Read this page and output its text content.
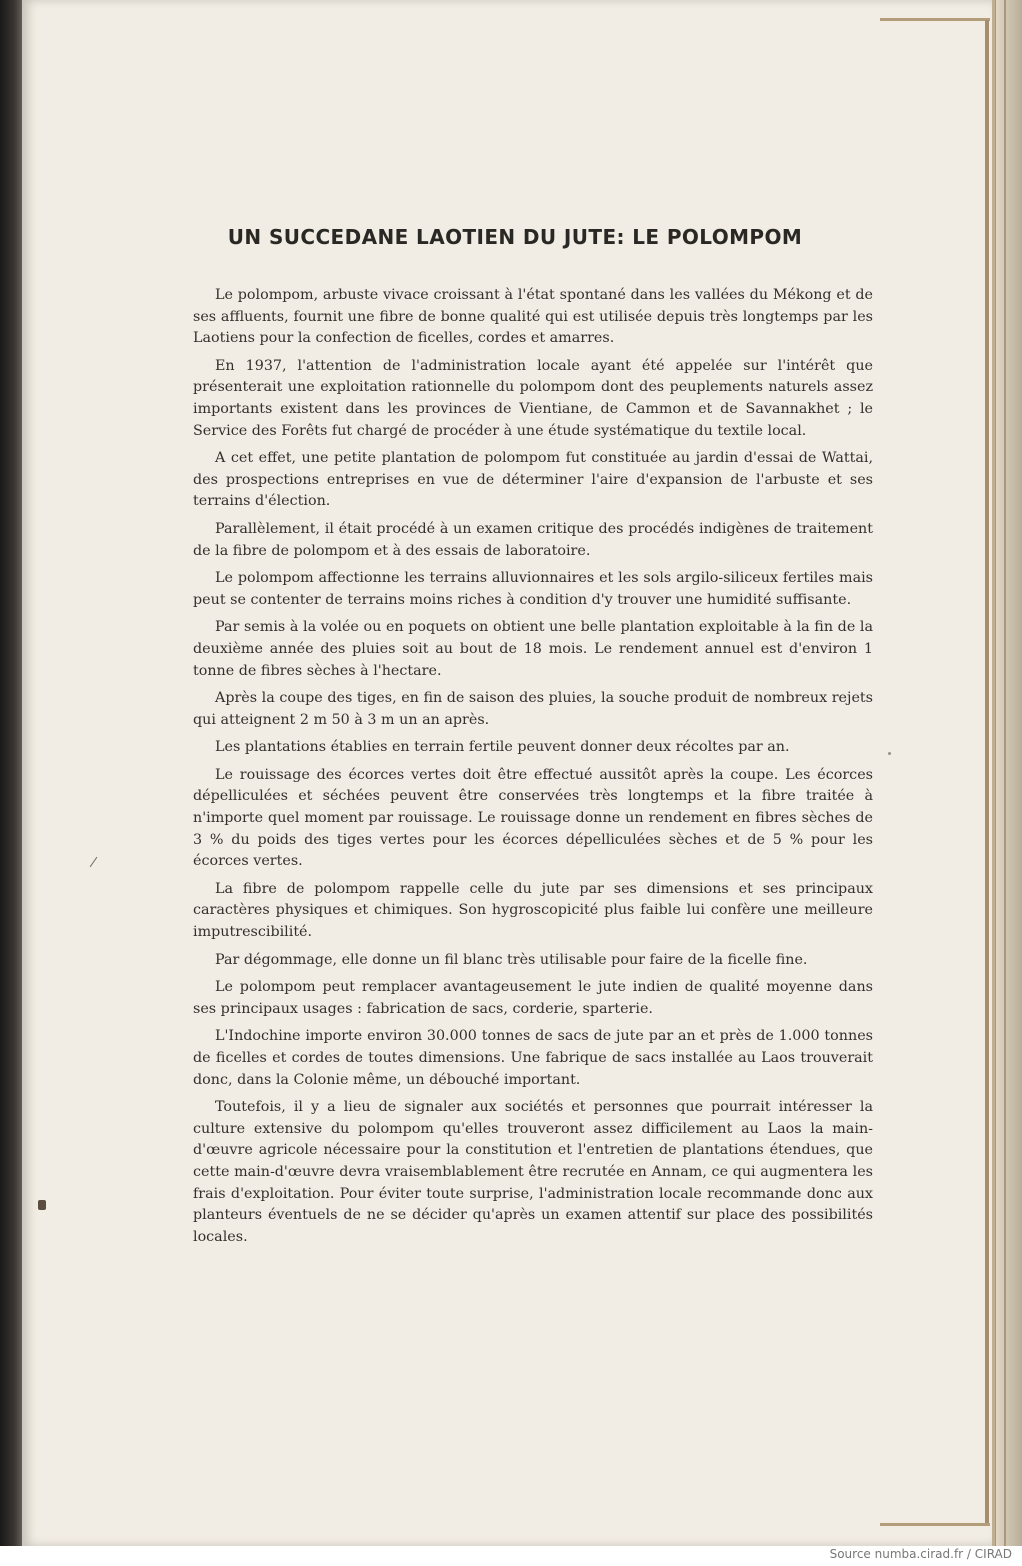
UN SUCCEDANE LAOTIEN DU JUTE: LE POLOMPOM

Le polompom, arbuste vivace croissant à l'état spontané dans les vallées du Mékong et de ses affluents, fournit une fibre de bonne qualité qui est utilisée depuis très longtemps par les Laotiens pour la confection de ficelles, cordes et amarres.

En 1937, l'attention de l'administration locale ayant été appelée sur l'intérêt que présenterait une exploitation rationnelle du polompom dont des peuplements naturels assez importants existent dans les provinces de Vientiane, de Cammon et de Savannakhet ; le Service des Forêts fut chargé de procéder à une étude systématique du textile local.

A cet effet, une petite plantation de polompom fut constituée au jardin d'essai de Wattai, des prospections entreprises en vue de déterminer l'aire d'expansion de l'arbuste et ses terrains d'élection.

Parallèlement, il était procédé à un examen critique des procédés indigènes de traitement de la fibre de polompom et à des essais de laboratoire.

Le polompom affectionne les terrains alluvionnaires et les sols argilo-siliceux fertiles mais peut se contenter de terrains moins riches à condition d'y trouver une humidité suffisante.

Par semis à la volée ou en poquets on obtient une belle plantation exploitable à la fin de la deuxième année des pluies soit au bout de 18 mois. Le rendement annuel est d'environ 1 tonne de fibres sèches à l'hectare.

Après la coupe des tiges, en fin de saison des pluies, la souche produit de nombreux rejets qui atteignent 2 m 50 à 3 m un an après.

Les plantations établies en terrain fertile peuvent donner deux récoltes par an.

Le rouissage des écorces vertes doit être effectué aussitôt après la coupe. Les écorces dépelliculées et séchées peuvent être conservées très longtemps et la fibre traitée à n'importe quel moment par rouissage. Le rouissage donne un rendement en fibres sèches de 3 % du poids des tiges vertes pour les écorces dépelliculées sèches et de 5 % pour les écorces vertes.

La fibre de polompom rappelle celle du jute par ses dimensions et ses principaux caractères physiques et chimiques. Son hygroscopicité plus faible lui confère une meilleure imputrescibilité.

Par dégommage, elle donne un fil blanc très utilisable pour faire de la ficelle fine.

Le polompom peut remplacer avantageusement le jute indien de qualité moyenne dans ses principaux usages : fabrication de sacs, corderie, sparterie.

L'Indochine importe environ 30.000 tonnes de sacs de jute par an et près de 1.000 tonnes de ficelles et cordes de toutes dimensions. Une fabrique de sacs installée au Laos trouverait donc, dans la Colonie même, un débouché important.

Toutefois, il y a lieu de signaler aux sociétés et personnes que pourrait intéresser la culture extensive du polompom qu'elles trouveront assez difficilement au Laos la main-d'œuvre agricole nécessaire pour la constitution et l'entretien de plantations étendues, que cette main-d'œuvre devra vraisemblablement être recrutée en Annam, ce qui augmentera les frais d'exploitation. Pour éviter toute surprise, l'administration locale recommande donc aux planteurs éventuels de ne se décider qu'après un examen attentif sur place des possibilités locales.

Source numba.cirad.fr / CIRAD
